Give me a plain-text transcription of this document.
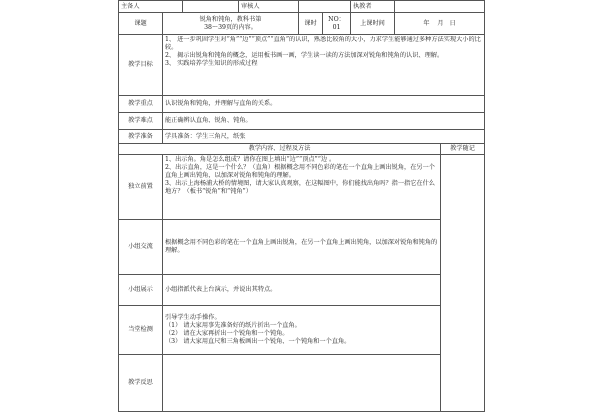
主备人			审核人			执教者		
课题	锐角和钝角，教科书第
38～39页的内容。			课时	NO：01	上课时间	年 月 日	
教学目标	1、 进一步巩固学生对“角”“边”“顶点”“直角”的认识，熟悉比较角的大小，力求学生能够通过多种方法实现大小的比较。

2、 揭示出锐角和钝角的概念，运用板书画一画，学生读一读的方法加深对锐角和钝角的认识、理解。

3、 实践培养学生知识的形成过程							

教学重点	认识锐角和钝角，并理解与直角的关系。							
教学难点	能正确辨认直角、锐角、钝角。							
教学准备	学具准备：学生三角尺，纸张							
教学内容、过程及方法								教学随记
独立前置	1、出示角。角是怎么组成？请你在图上填出“边”“顶点”“边 。

2、出示直角，这是一个什么？（直角）根据概念用不同色彩的笔在一个直角上画出锐角，在另一个直角上画出钝角，以加深对锐角和钝角的理解。

3、出示上海杨浦大桥的情境图，请大家认真观察，在这幅图中，你们能找出角吗？指一指它在什么地方？（板书“锐角”和“钝角”）							

小组交流	根据概念用不同色彩的笔在一个直角上画出锐角，在另一个直角上画出钝角，以加深对锐角和钝角的理解。							

小组展示	小组指派代表上台演示，并说出其特点。							
当堂检测	引导学生动手操作。

（1） 请大家用事先准备好的纸片折出一个直角。

（2） 请在大家再折出一个锐角和一个钝角。

（3） 请大家用直尺和三角板画出一个锐角、一个钝角和一个直角。							

教学反思								
